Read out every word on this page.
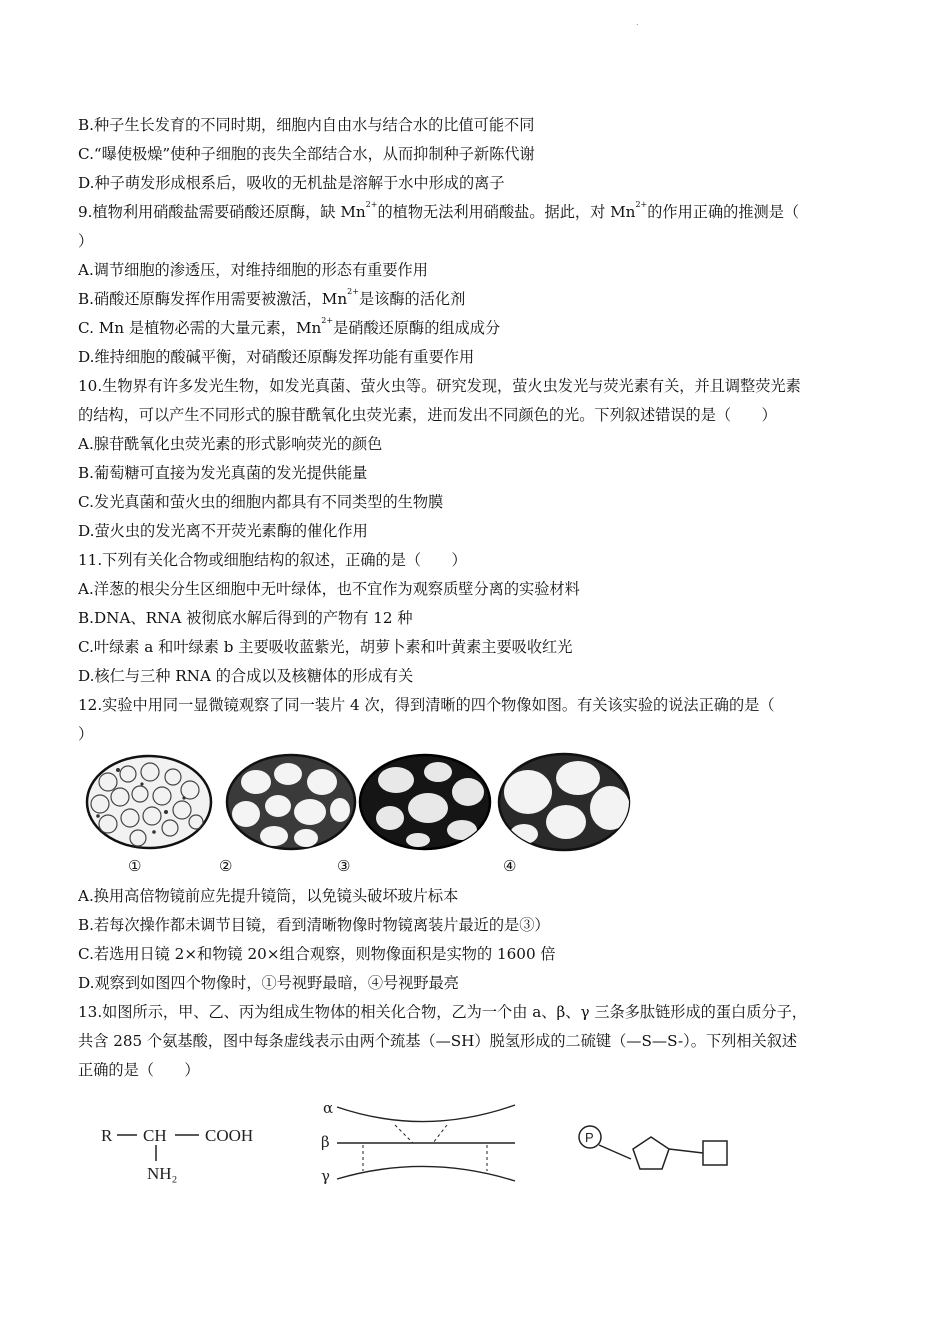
.
B.种子生长发育的不同时期，细胞内自由水与结合水的比值可能不同
C.“曝使极燥”使种子细胞的丧失全部结合水，从而抑制种子新陈代谢
D.种子萌发形成根系后，吸收的无机盐是溶解于水中形成的离子
9.植物利用硝酸盐需要硝酸还原酶，缺 $Mn^{2+}$的植物无法利用硝酸盐。据此，对 $Mn^{2+}$的作用正确的推测是（
）
A.调节细胞的渗透压，对维持细胞的形态有重要作用
B.硝酸还原酶发挥作用需要被激活，$Mn^{2+}$是该酶的活化剂
C. Mn 是植物必需的大量元素，$Mn^{2+}$是硝酸还原酶的组成成分
D.维持细胞的酸碱平衡，对硝酸还原酶发挥功能有重要作用
10.生物界有许多发光生物，如发光真菌、萤火虫等。研究发现，萤火虫发光与荧光素有关，并且调整荧光素
的结构，可以产生不同形式的腺苷酰氧化虫荧光素，进而发出不同颜色的光。下列叙述错误的是（　　）
A.腺苷酰氧化虫荧光素的形式影响荧光的颜色
B.葡萄糖可直接为发光真菌的发光提供能量
C.发光真菌和萤火虫的细胞内都具有不同类型的生物膜
D.萤火虫的发光离不开荧光素酶的催化作用
11.下列有关化合物或细胞结构的叙述，正确的是（　　）
A.洋葱的根尖分生区细胞中无叶绿体，也不宜作为观察质壁分离的实验材料
B.DNA、RNA 被彻底水解后得到的产物有 12 种
C.叶绿素 a 和叶绿素 b 主要吸收蓝紫光，胡萝卜素和叶黄素主要吸收红光
D.核仁与三种 RNA 的合成以及核糖体的形成有关
12.实验中用同一显微镜观察了同一装片 4 次，得到清晰的四个物像如图。有关该实验的说法正确的是（
）
①	②	③	④
A.换用高倍物镜前应先提升镜筒，以免镜头破坏玻片标本
B.若每次操作都未调节目镜，看到清晰物像时物镜离装片最近的是③）
C.若选用日镜 2×和物镜 20×组合观察，则物像面积是实物的 1600 倍
D.观察到如图四个物像时，①号视野最暗，④号视野最亮
13.如图所示，甲、乙、丙为组成生物体的相关化合物，乙为一个由 a、β、γ 三条多肽链形成的蛋白质分子，
共含 285 个氨基酸，图中每条虚线表示由两个巯基（—SH）脱氢形成的二硫键（—S—S-）。下列相关叙述
正确的是（　　）
R CH COOH
NH₂
α
β
γ
P
